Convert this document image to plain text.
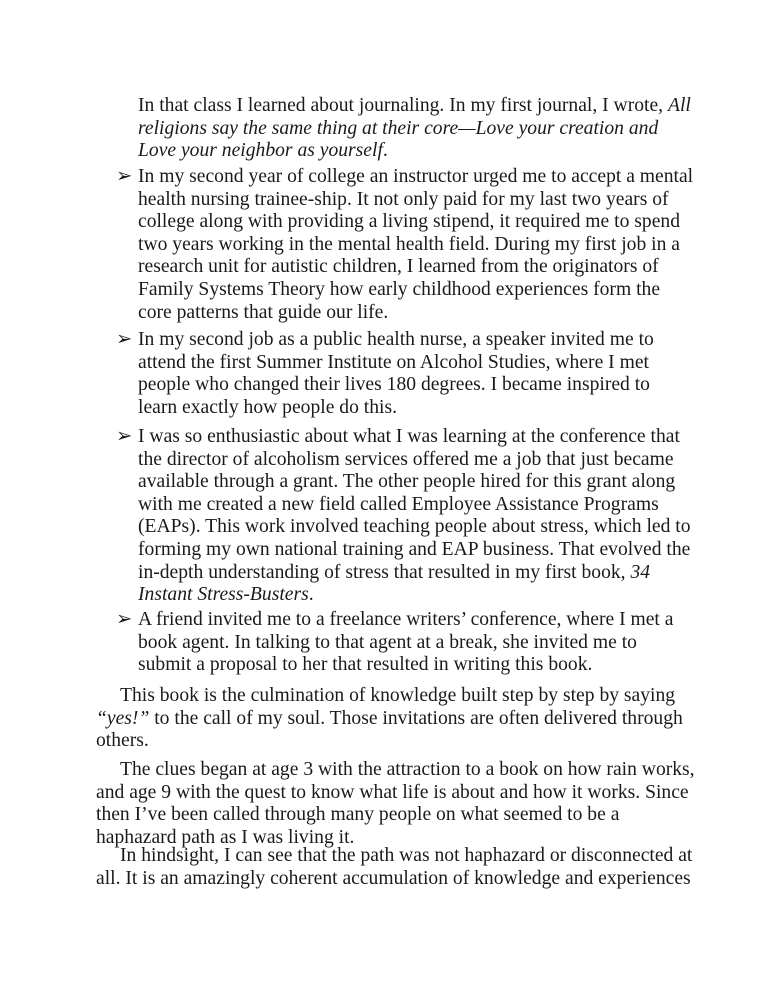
In that class I learned about journaling. In my first journal, I wrote, All
religions say the same thing at their core—Love your creation and
Love your neighbor as yourself.
➢ In my second year of college an instructor urged me to accept a mental
health nursing trainee-ship. It not only paid for my last two years of
college along with providing a living stipend, it required me to spend
two years working in the mental health field. During my first job in a
research unit for autistic children, I learned from the originators of
Family Systems Theory how early childhood experiences form the
core patterns that guide our life.
➢ In my second job as a public health nurse, a speaker invited me to
attend the first Summer Institute on Alcohol Studies, where I met
people who changed their lives 180 degrees. I became inspired to
learn exactly how people do this.
➢ I was so enthusiastic about what I was learning at the conference that
the director of alcoholism services offered me a job that just became
available through a grant. The other people hired for this grant along
with me created a new field called Employee Assistance Programs
(EAPs). This work involved teaching people about stress, which led to
forming my own national training and EAP business. That evolved the
in-depth understanding of stress that resulted in my first book, 34
Instant Stress-Busters.
➢ A friend invited me to a freelance writers’ conference, where I met a
book agent. In talking to that agent at a break, she invited me to
submit a proposal to her that resulted in writing this book.
This book is the culmination of knowledge built step by step by saying
“yes!” to the call of my soul. Those invitations are often delivered through
others.
The clues began at age 3 with the attraction to a book on how rain works,
and age 9 with the quest to know what life is about and how it works. Since
then I’ve been called through many people on what seemed to be a
haphazard path as I was living it.
In hindsight, I can see that the path was not haphazard or disconnected at
all. It is an amazingly coherent accumulation of knowledge and experiences
